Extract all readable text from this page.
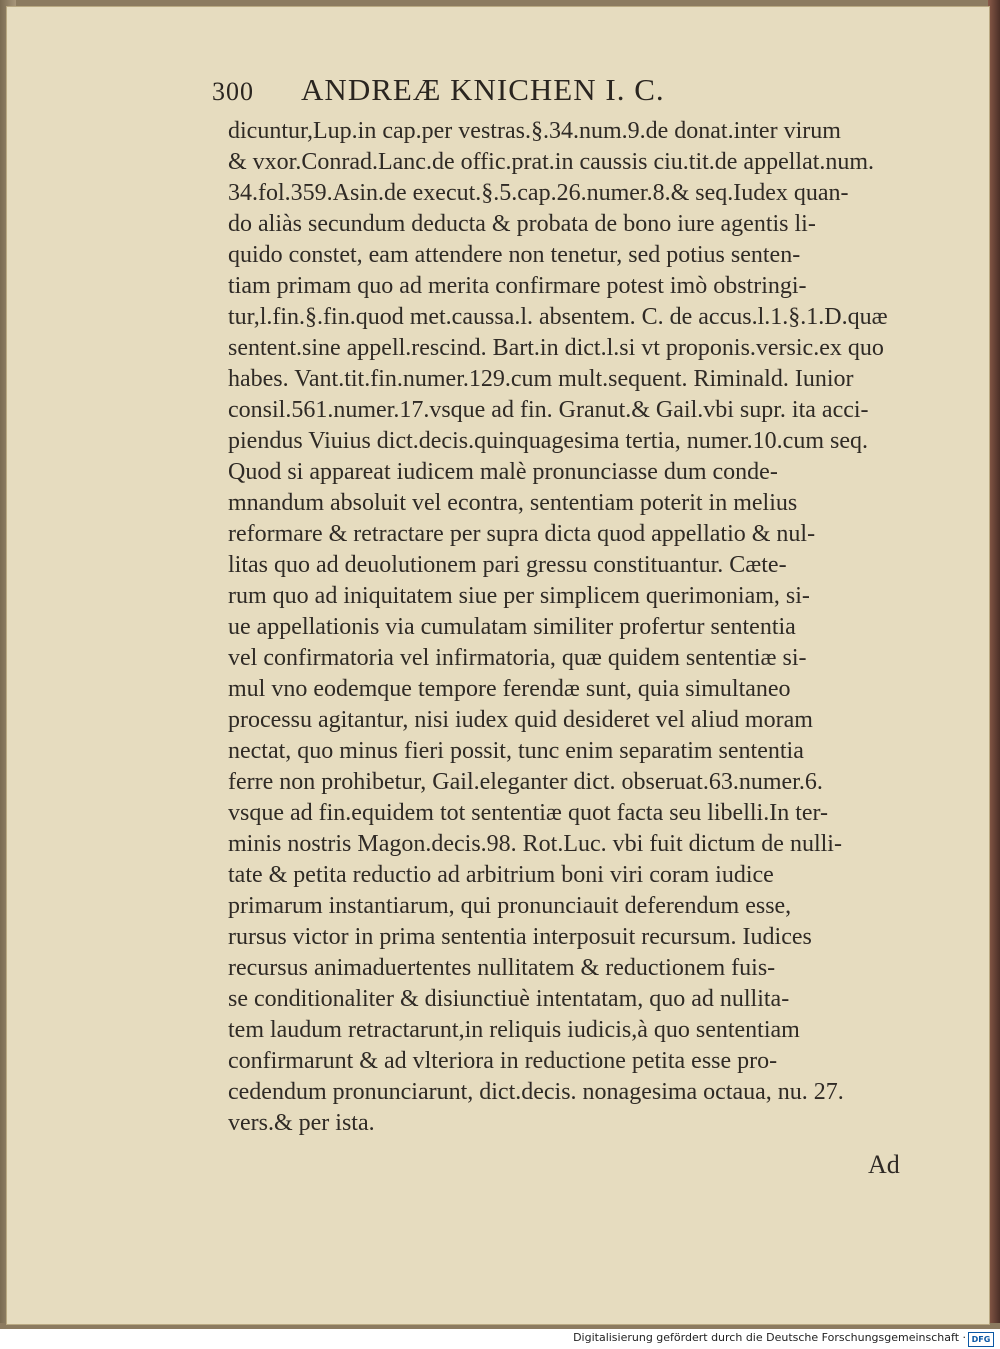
300 ANDREÆ KNICHEN I. C.
dicuntur,Lup.in cap.per vestras.§.34.num.9.de donat.inter virum
& vxor.Conrad.Lanc.de offic.prat.in caussis ciu.tit.de appellat.num.
34.fol.359.Asin.de execut.§.5.cap.26.numer.8.& seq.Iudex quan-
do aliàs secundum deducta & probata de bono iure agentis li-
quido constet, eam attendere non tenetur, sed potius senten-
tiam primam quo ad merita confirmare potest imò obstringi-
tur,l.fin.§.fin.quod met.caussa.l. absentem. C. de accus.l.1.§.1.D.quæ
sentent.sine appell.rescind. Bart.in dict.l.si vt proponis.versic.ex quo
habes. Vant.tit.fin.numer.129.cum mult.sequent. Riminald. Iunior
consil.561.numer.17.vsque ad fin. Granut.& Gail.vbi supr. ita acci-
piendus Viuius dict.decis.quinquagesima tertia, numer.10.cum seq.
Quod si appareat iudicem malè pronunciasse dum conde-
mnandum absoluit vel econtra, sententiam poterit in melius
reformare & retractare per supra dicta quod appellatio & nul-
litas quo ad deuolutionem pari gressu constituantur. Cæte-
rum quo ad iniquitatem siue per simplicem querimoniam, si-
ue appellationis via cumulatam similiter profertur sententia
vel confirmatoria vel infirmatoria, quæ quidem sententiæ si-
mul vno eodemque tempore ferendæ sunt, quia simultaneo
processu agitantur, nisi iudex quid desideret vel aliud moram
nectat, quo minus fieri possit, tunc enim separatim sententia
ferre non prohibetur, Gail.eleganter dict. obseruat.63.numer.6.
vsque ad fin.equidem tot sententiæ quot facta seu libelli.In ter-
minis nostris Magon.decis.98. Rot.Luc. vbi fuit dictum de nulli-
tate & petita reductio ad arbitrium boni viri coram iudice
primarum instantiarum, qui pronunciauit deferendum esse,
rursus victor in prima sententia interposuit recursum. Iudices
recursus animaduertentes nullitatem & reductionem fuis-
se conditionaliter & disiunctiuè intentatam, quo ad nullita-
tem laudum retractarunt,in reliquis iudicis,à quo sententiam
confirmarunt & ad vlteriora in reductione petita esse pro-
cedendum pronunciarunt, dict.decis. nonagesima octaua, nu. 27.
vers.& per ista.
Ad
Digitalisierung gefördert durch die Deutsche Forschungsgemeinschaft · DFG
